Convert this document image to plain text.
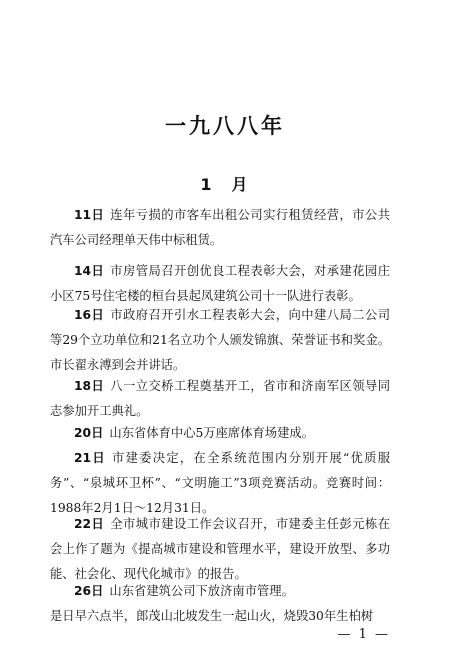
一九八八年
1　月
11日 连年亏损的市客车出租公司实行租赁经营，市公共汽车公司经理单天伟中标租赁。
14日 市房管局召开创优良工程表彰大会，对承建花园庄小区75号住宅楼的桓台县起凤建筑公司十一队进行表彰。
16日 市政府召开引水工程表彰大会，向中建八局二公司等29个立功单位和21名立功个人颁发锦旗、荣誉证书和奖金。市长翟永溥到会并讲话。
18日 八一立交桥工程奠基开工，省市和济南军区领导同志参加开工典礼。
20日 山东省体育中心5万座席体育场建成。
21日 市建委决定，在全系统范围内分别开展“优质服务”、“泉城环卫杯”、“文明施工”3项竞赛活动。竞赛时间：1988年2月1日～12月31日。
22日 全市城市建设工作会议召开，市建委主任彭元栋在会上作了题为《提高城市建设和管理水平，建设开放型、多功能、社会化、现代化城市》的报告。
26日 山东省建筑公司下放济南市管理。
是日早六点半，郎茂山北坡发生一起山火，烧毁30年生柏树
— 1 —
